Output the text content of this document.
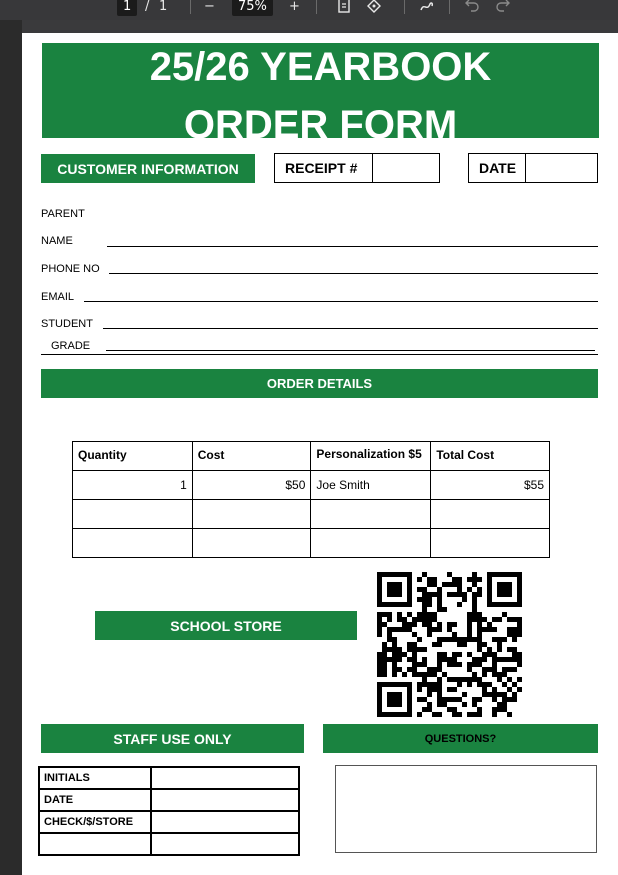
1	/ 1	−	75%	+
25/26 YEARBOOK
ORDER FORM
CUSTOMER INFORMATION	RECEIPT #	DATE
PARENT
NAME
PHONE NO
EMAIL
STUDENT
GRADE
ORDER DETAILS
Quantity	Cost	Personalization $5	Total Cost
1	$50	Joe Smith	$55

SCHOOL STORE
STAFF USE ONLY	QUESTIONS?
INITIALS	
DATE	
CHECK/$/STORE	
